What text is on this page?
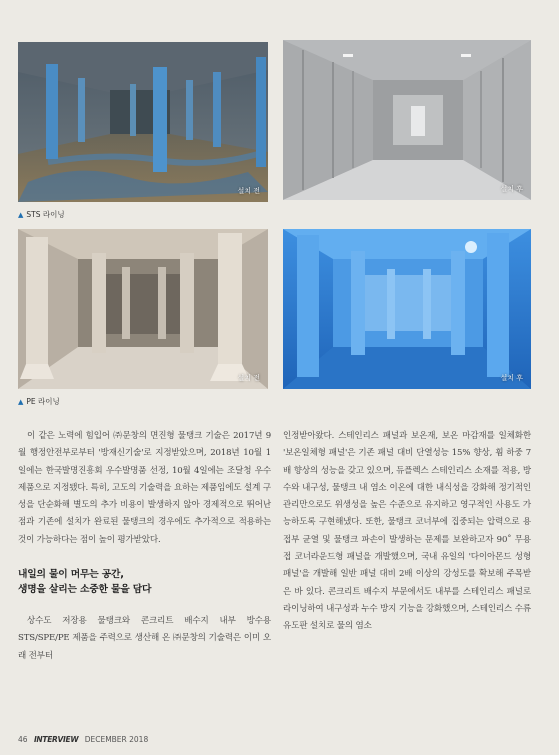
설치 전	설치 후
▲ STS 라이닝
설치 전	설치 후
▲ PE 라이닝

이 같은 노력에 힘입어 ㈜문창의 면진형 물탱크 기술은 2017년 9월 행정안전부로부터 '방재신기술'로 지정받았으며, 2018년 10월 1일에는 한국발명진흥회 우수발명품 선정, 10월 4일에는 조달청 우수제품으로 지정됐다. 특히, 고도의 기술력을 요하는 제품임에도 설계 구성을 단순화해 별도의 추가 비용이 발생하지 않아 경제적으로 뛰어난 점과 기존에 설치가 완료된 물탱크의 경우에도 추가적으로 적용하는 것이 가능하다는 점이 높이 평가받았다.

내일의 물이 머무는 공간,

생명을 살리는 소중한 물을 담다

상수도 저장용 물탱크와 콘크리트 배수지 내부 방수용 STS/SPE/PE 제품을 주력으로 생산해 온 ㈜문창의 기술력은 이미 오래 전부터

인정받아왔다. 스테인리스 패널과 보온재, 보온 마감재를 일체화한 '보온일체형 패널'은 기존 패널 대비 단열성능 15% 향상, 휨 하중 7배 향상의 성능을 갖고 있으며, 듀플렉스 스테인리스 소재를 적용, 방수와 내구성, 물탱크 내 염소 이온에 대한 내식성을 강화해 정기적인 관리만으로도 위생성을 높은 수준으로 유지하고 영구적인 사용도 가능하도록 구현해냈다. 또한, 물탱크 코너부에 집중되는 압력으로 용접부 균열 및 물탱크 파손이 발생하는 문제를 보완하고자 90˚ 무용접 코너라운드형 패널을 개발했으며, 국내 유일의 '다이아몬드 성형 패널'을 개발해 일반 패널 대비 2배 이상의 강성도를 확보해 주목받은 바 있다. 콘크리트 배수지 부문에서도 내부를 스테인리스 패널로 라이닝하여 내구성과 누수 방지 기능을 강화했으며, 스테인리스 수류유도판 설치로 물의 염소

46 INTERVIEW DECEMBER 2018
